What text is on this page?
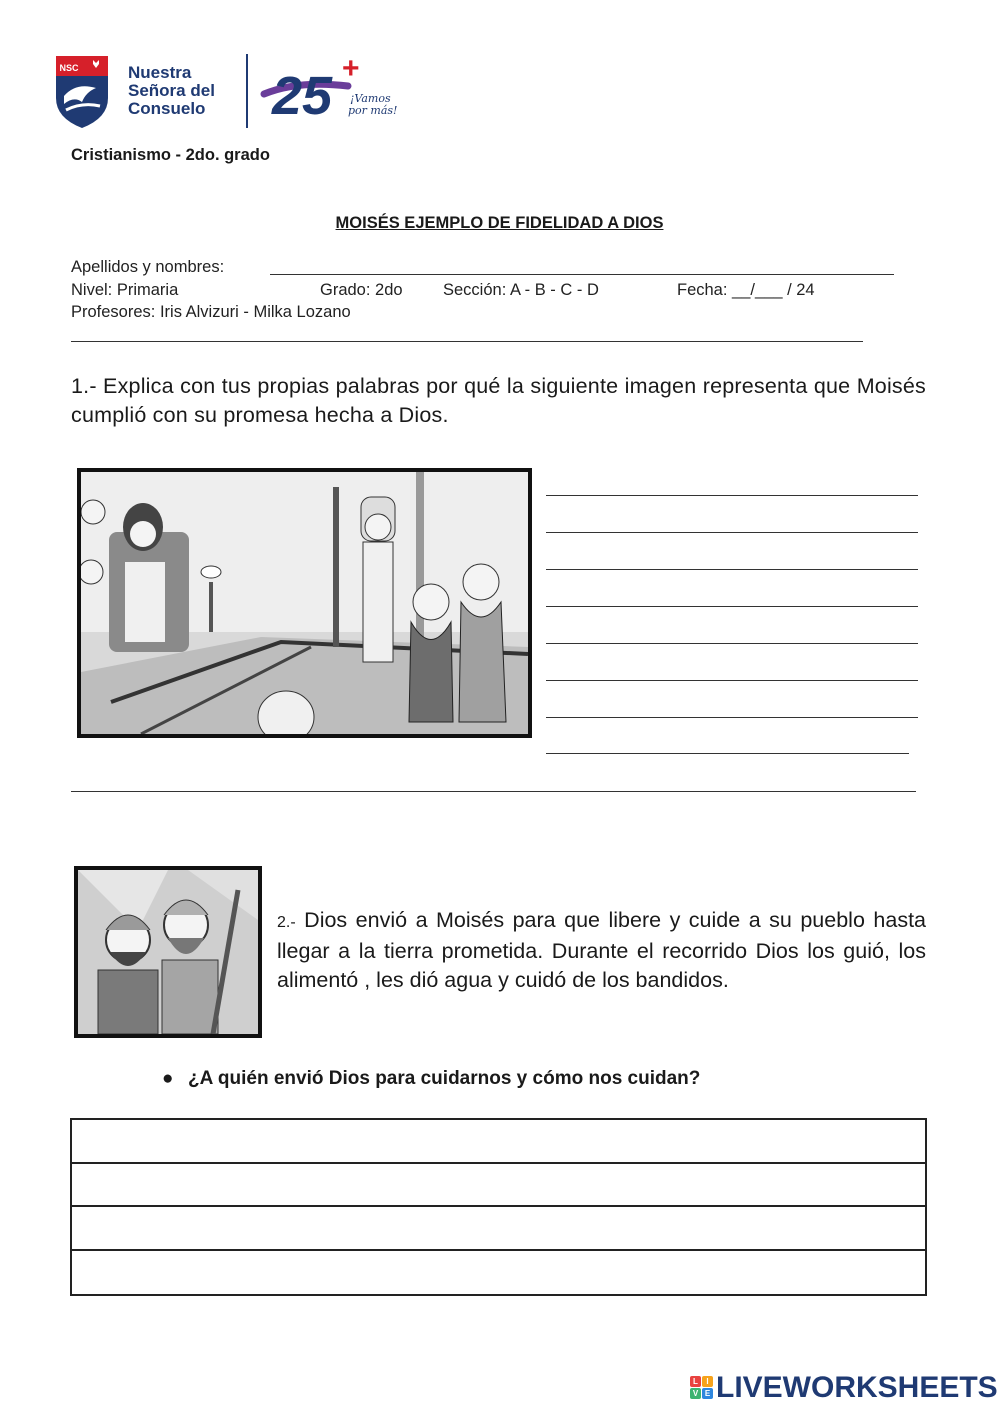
NSC	Nuestra
Señora del
Consuelo 25 +
¡Vamos
por más!
Cristianismo - 2do. grado
MOISÉS EJEMPLO DE FIDELIDAD A DIOS
Apellidos y nombres:
Nivel: Primaria	Grado: 2do Sección: A - B - C - D	Fecha: __/___ / 24
Profesores: Iris Alvizuri - Milka Lozano
1.- Explica con tus propias palabras por qué la siguiente imagen representa que Moisés cumplió con su promesa hecha a Dios.
2.- Dios envió a Moisés para que libere y cuide a su pueblo hasta llegar a la tierra prometida. Durante el recorrido Dios los guió, los alimentó , les dió agua y cuidó de los bandidos.
● ¿A quién envió Dios para cuidarnos y cómo nos cuidan?
L	I
V E LIVEWORKSHEETS
